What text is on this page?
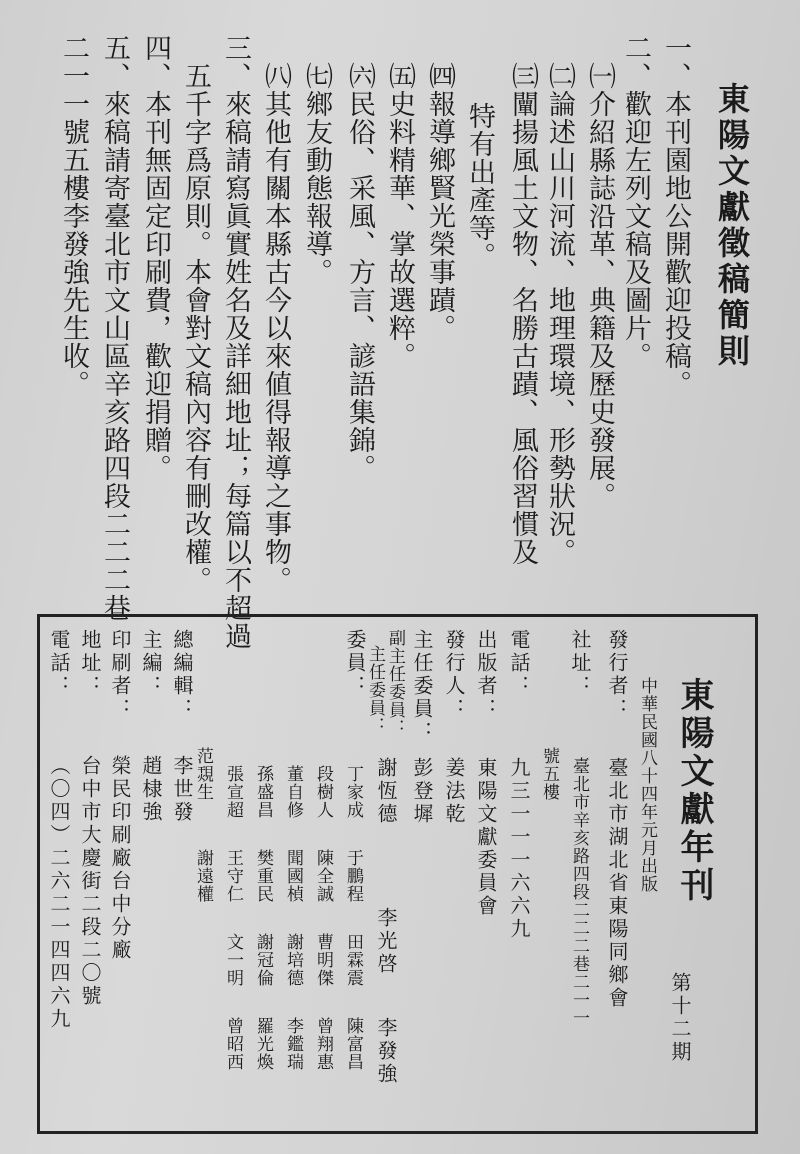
東陽文獻徵稿簡則
一、本刊園地公開歡迎投稿。
二、歡迎左列文稿及圖片。
㈠介紹縣誌沿革、典籍及歷史發展。
㈡論述山川河流、地理環境、形勢狀況。
㈢闡揚風土文物、名勝古蹟、風俗習慣及
特有出產等。
㈣報導鄉賢光榮事蹟。
㈤史料精華、掌故選粹。
㈥民俗、采風、方言、諺語集錦。
㈦鄉友動態報導。
㈧其他有關本縣古今以來値得報導之事物。
三、來稿請寫眞實姓名及詳細地址；每篇以不超過
五千字爲原則。本會對文稿內容有刪改權。
四、本刊無固定印刷費，歡迎捐贈。
五、來稿請寄臺北市文山區辛亥路四段二二二巷
二一一號五樓李發強先生收。
東陽文獻年刊
第十二期
中華民國八十四年元月出版
發行者：
臺北市湖北省東陽同鄉會
社址：
臺北市辛亥路四段二二二巷二一一
號五樓
電話：
九三一一一六六九
出版者：
東陽文獻委員會
發行人：
姜法乾
主任委員：
彭登墀
副主任委員：
主任委員：
謝恆德
李光啓
李發強
委員：
丁家成
于鵬程
田霖震
陳富昌
段樹人
陳全誠
曹明傑
曾翔惠
董自修
聞國楨
謝培德
李鑑瑞
孫盛昌
樊重民
謝冠倫
羅光煥
張宣超
王守仁
文一明
曾昭西
范覝生
謝遠權
總編輯：
李世發
主編：
趙棣強
印刷者：
榮民印刷廠台中分廠
地址：
台中市大慶街二段二〇號
電話：
（〇四）二六二一四四六九
